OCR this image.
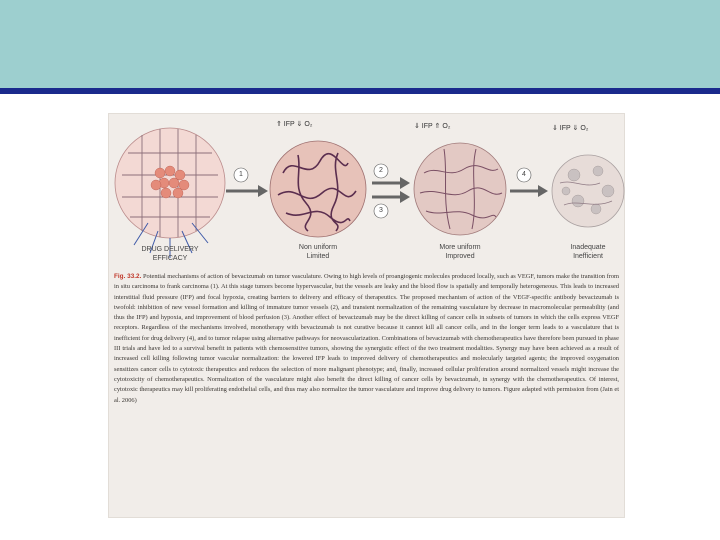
1
2
3
4
⇑ IFP ⇓ O₂	⇓ IFP ⇑ O₂	⇓ IFP ⇓ O₂
DRUG DELIVERY
EFFICACY
Non uniform
Limited
More uniform
Improved
Inadequate
Inefficient

Fig. 33.2. Potential mechanisms of action of bevacizumab on tumor vasculature. Owing to high levels of proangiogenic molecules produced locally, such as VEGF, tumors make the transition from in situ carcinoma to frank carcinoma (1). At this stage tumors become hypervascular, but the vessels are leaky and the blood flow is spatially and temporally heterogeneous. This leads to increased interstitial fluid pressure (IFP) and focal hypoxia, creating barriers to delivery and efficacy of therapeutics. The proposed mechanism of action of the VEGF-specific antibody bevacizumab is twofold: inhibition of new vessel formation and killing of immature tumor vessels (2), and transient normalization of the remaining vasculature by decrease in macromolecular permeability (and thus the IFP) and hypoxia, and improvement of blood perfusion (3). Another effect of bevacizumab may be the direct killing of cancer cells in subsets of tumors in which the cells express VEGF receptors. Regardless of the mechanisms involved, monotherapy with bevacizumab is not curative because it cannot kill all cancer cells, and in the longer term leads to a vasculature that is inefficient for drug delivery (4), and to tumor relapse using alternative pathways for neovascularization. Combinations of bevacizumab with chemotherapeutics have therefore been pursued in phase III trials and have led to a survival benefit in patients with chemosensitive tumors, showing the synergistic effect of the two treatment modalities. Synergy may have been achieved as a result of increased cell killing following tumor vascular normalization: the lowered IFP leads to improved delivery of chemotherapeutics and molecularly targeted agents; the improved oxygenation sensitizes cancer cells to cytotoxic therapeutics and reduces the selection of more malignant phenotype; and, finally, increased cellular proliferation around normalized vessels might increase the cytotoxicity of chemotherapeutics. Normalization of the vasculature might also benefit the direct killing of cancer cells by bevacizumab, in synergy with the chemotherapeutics. Of interest, cytotoxic therapeutics may kill proliferating endothelial cells, and thus may also normalize the tumor vasculature and improve drug delivery to tumors. Figure adapted with permission from (Jain et al. 2006)
